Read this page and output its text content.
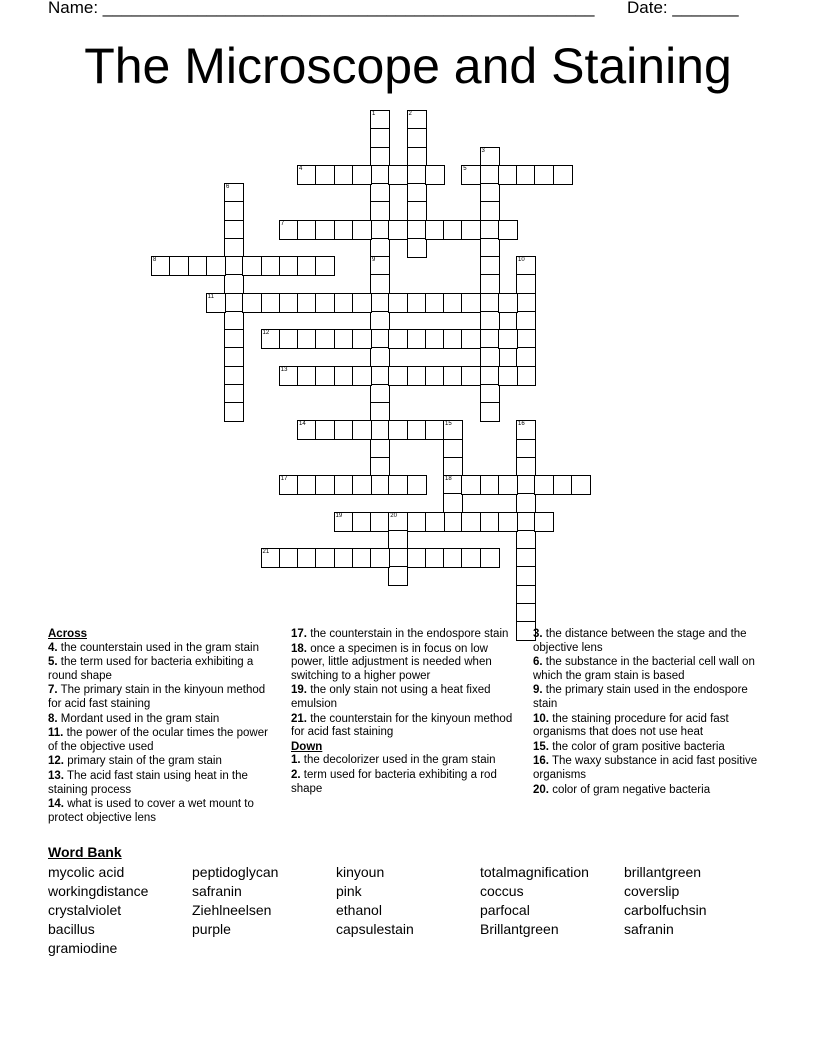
Name: ____________________________________________________ Date: _______
The Microscope and Staining
1	2
3
4	5
6
7
8	9	10
11
12
13
14	15
18
16
17
19	20
21
Across
4. the counterstain used in the gram stain
5. the term used for bacteria exhibiting a round shape
7. The primary stain in the kinyoun method for acid fast staining
8. Mordant used in the gram stain
11. the power of the ocular times the power of the objective used
12. primary stain of the gram stain
13. The acid fast stain using heat in the staining process
14. what is used to cover a wet mount to protect objective lens
17. the counterstain in the endospore stain
18. once a specimen is in focus on low power, little adjustment is needed when switching to a higher power
19. the only stain not using a heat fixed emulsion
21. the counterstain for the kinyoun method for acid fast staining
Down
1. the decolorizer used in the gram stain
2. term used for bacteria exhibiting a rod shape
3. the distance between the stage and the objective lens
6. the substance in the bacterial cell wall on which the gram stain is based
9. the primary stain used in the endospore stain
10. the staining procedure for acid fast organisms that does not use heat
15. the color of gram positive bacteria
16. The waxy substance in acid fast positive organisms
20. color of gram negative bacteria
Word Bank
mycolic acid	peptidoglycan	kinyoun	totalmagnification	brillantgreen
workingdistance	safranin	pink	coccus	coverslip
crystalviolet	Ziehlneelsen	ethanol	parfocal	carbolfuchsin
bacillus	purple	capsulestain	Brillantgreen	safranin
gramiodine
